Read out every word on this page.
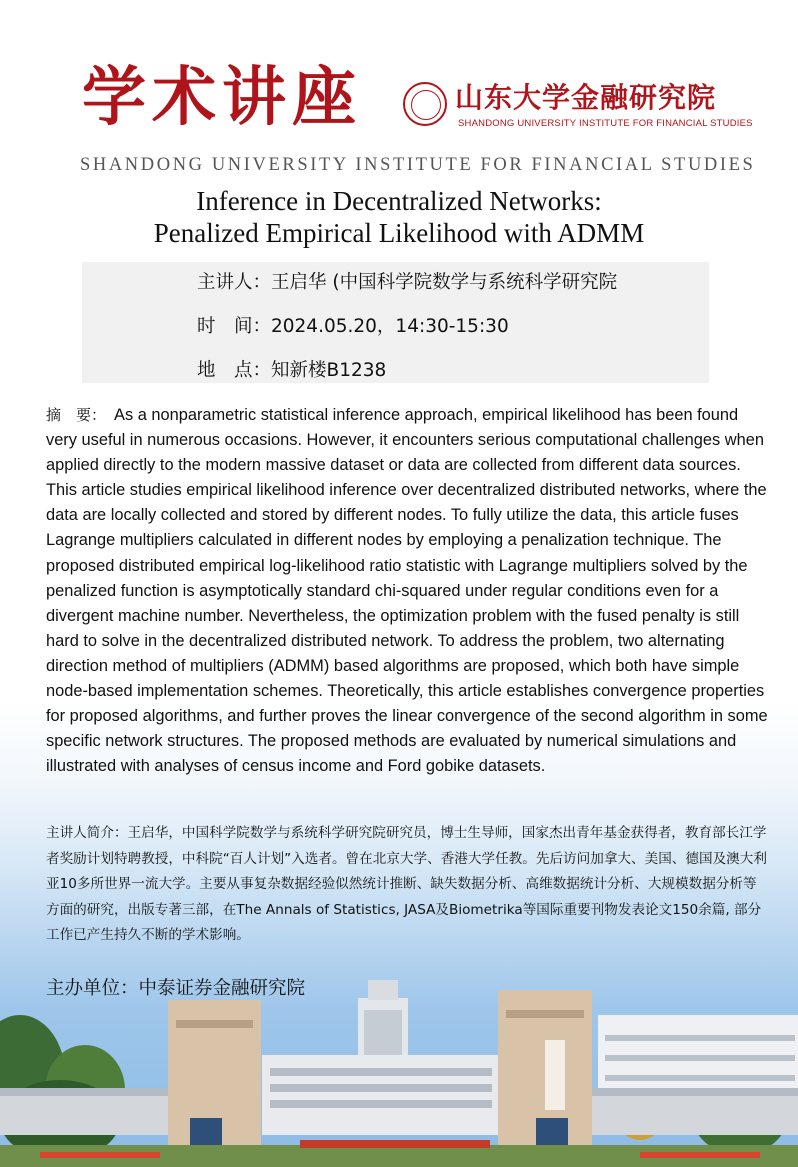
学术讲座	山东大学金融研究院
SHANDONG UNIVERSITY INSTITUTE FOR FINANCIAL STUDIES
SHANDONG UNIVERSITY INSTITUTE FOR FINANCIAL STUDIES
Inference in Decentralized Networks:
Penalized Empirical Likelihood with ADMM
主讲人：王启华 (中国科学院数学与系统科学研究院
时　间：2024.05.20，14:30-15:30
地　点：知新楼B1238
摘　要： As a nonparametric statistical inference approach, empirical likelihood has been found very useful in numerous occasions. However, it encounters serious computational challenges when applied directly to the modern massive dataset or data are collected from different data sources. This article studies empirical likelihood inference over decentralized distributed networks, where the data are locally collected and stored by different nodes. To fully utilize the data, this article fuses Lagrange multipliers calculated in different nodes by employing a penalization technique. The proposed distributed empirical log-likelihood ratio statistic with Lagrange multipliers solved by the penalized function is asymptotically standard chi-squared under regular conditions even for a divergent machine number. Nevertheless, the optimization problem with the fused penalty is still hard to solve in the decentralized distributed network. To address the problem, two alternating direction method of multipliers (ADMM) based algorithms are proposed, which both have simple node-based implementation schemes. Theoretically, this article establishes convergence properties for proposed algorithms, and further proves the linear convergence of the second algorithm in some specific network structures. The proposed methods are evaluated by numerical simulations and illustrated with analyses of census income and Ford gobike datasets.
主讲人简介：王启华，中国科学院数学与系统科学研究院研究员，博士生导师，国家杰出青年基金获得者，教育部长江学者奖励计划特聘教授，中科院“百人计划”入选者。曾在北京大学、香港大学任教。先后访问加拿大、美国、德国及澳大利亚10多所世界一流大学。主要从事复杂数据经验似然统计推断、缺失数据分析、高维数据统计分析、大规模数据分析等方面的研究，出版专著三部，在The Annals of Statistics, JASA及Biometrika等国际重要刊物发表论文150余篇, 部分工作已产生持久不断的学术影响。
主办单位：中泰证券金融研究院
